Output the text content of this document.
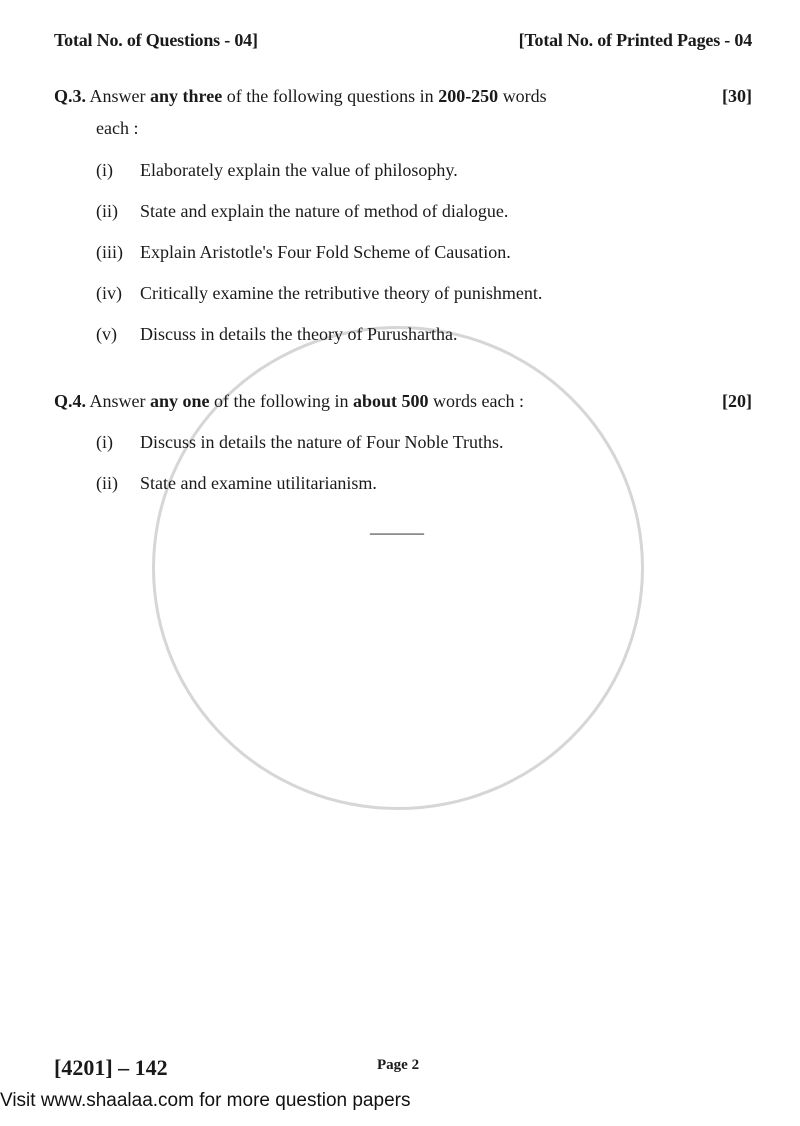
Total No. of Questions - 04]	[Total No. of Printed Pages - 04
Q.3. Answer any three of the following questions in 200-250 words	[30]
each :
(i) Elaborately explain the value of philosophy.
(ii) State and explain the nature of method of dialogue.
(iii) Explain Aristotle's Four Fold Scheme of Causation.
(iv) Critically examine the retributive theory of punishment.
(v) Discuss in details the theory of Purushartha.
Q.4. Answer any one of the following in about 500 words each :	[20]
(i) Discuss in details the nature of Four Noble Truths.
(ii) State and examine utilitarianism.
______
[4201] – 142	Page 2
Visit www.shaalaa.com for more question papers
